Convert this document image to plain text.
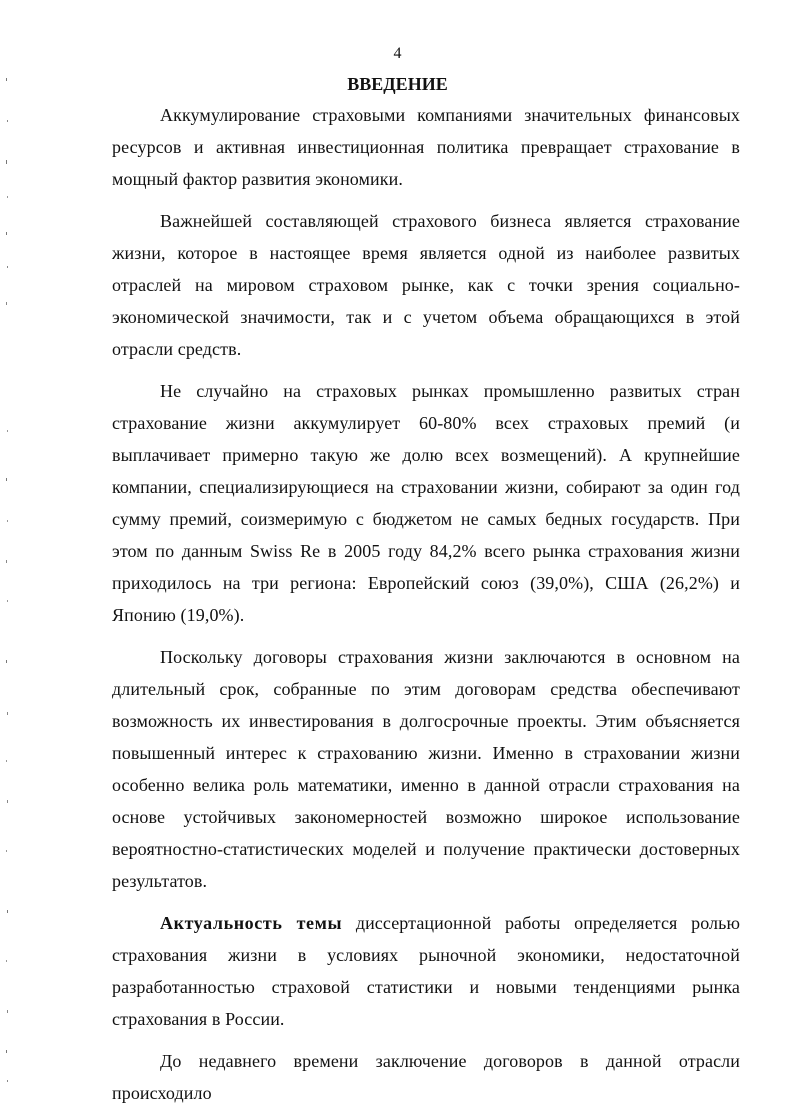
4
ВВЕДЕНИЕ

Аккумулирование страховыми компаниями значительных финансовых ресурсов и активная инвестиционная политика превращает страхование в мощный фактор развития экономики.

Важнейшей составляющей страхового бизнеса является страхование жизни, которое в настоящее время является одной из наиболее развитых отраслей на мировом страховом рынке, как с точки зрения социально-экономической значимости, так и с учетом объема обращающихся в этой отрасли средств.

Не случайно на страховых рынках промышленно развитых стран страхование жизни аккумулирует 60-80% всех страховых премий (и выплачивает примерно такую же долю всех возмещений). А крупнейшие компании, специализирующиеся на страховании жизни, собирают за один год сумму премий, соизмеримую с бюджетом не самых бедных государств. При этом по данным Swiss Re в 2005 году 84,2% всего рынка страхования жизни приходилось на три региона: Европейский союз (39,0%), США (26,2%) и Японию (19,0%).

Поскольку договоры страхования жизни заключаются в основном на длительный срок, собранные по этим договорам средства обеспечивают возможность их инвестирования в долгосрочные проекты. Этим объясняется повышенный интерес к страхованию жизни. Именно в страховании жизни особенно велика роль математики, именно в данной отрасли страхования на основе устойчивых закономерностей возможно широкое использование вероятностно-статистических моделей и получение практически достоверных результатов.

Актуальность темы диссертационной работы определяется ролью страхования жизни в условиях рыночной экономики, недостаточной разработанностью страховой статистики и новыми тенденциями рынка страхования в России.

До недавнего времени заключение договоров в данной отрасли происходило
